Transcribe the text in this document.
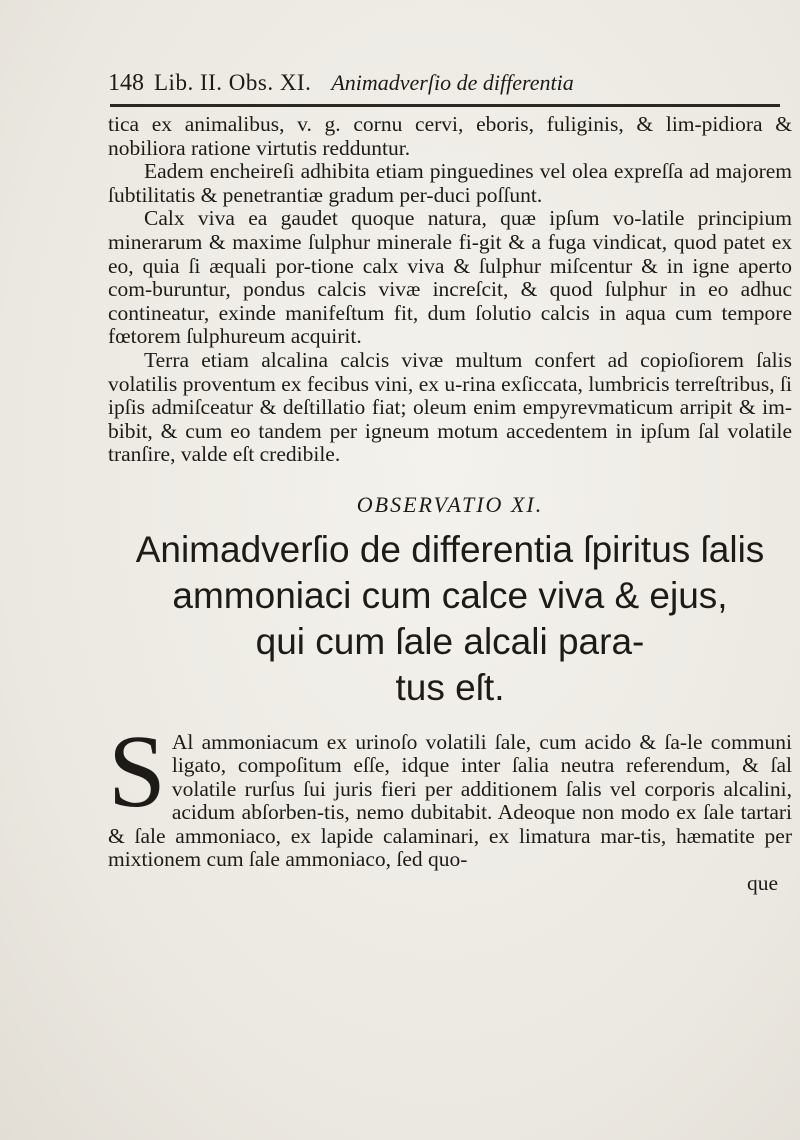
148 Lib. II. Obs. XI. Animadverſio de differentia

tica ex animalibus, v. g. cornu cervi, eboris, fuliginis, & lim-pidiora & nobiliora ratione virtutis redduntur.

Eadem encheireſi adhibita etiam pinguedines vel olea expreſſa ad majorem ſubtilitatis & penetrantiæ gradum per-duci poſſunt.

Calx viva ea gaudet quoque natura, quæ ipſum vo-latile principium minerarum & maxime ſulphur minerale fi-git & a fuga vindicat, quod patet ex eo, quia ſi æquali por-tione calx viva & ſulphur miſcentur & in igne aperto com-buruntur, pondus calcis vivæ increſcit, & quod ſulphur in eo adhuc contineatur, exinde manifeſtum fit, dum ſolutio calcis in aqua cum tempore fœtorem ſulphureum acquirit.

Terra etiam alcalina calcis vivæ multum confert ad copioſiorem ſalis volatilis proventum ex fecibus vini, ex u-rina exſiccata, lumbricis terreſtribus, ſi ipſis admiſceatur & deſtillatio fiat; oleum enim empyrevmaticum arripit & im-bibit, & cum eo tandem per igneum motum accedentem in ipſum ſal volatile tranſire, valde eſt credibile.

OBSERVATIO XI.
Animadverſio de differentia ſpiritus ſalis
ammoniaci cum calce viva & ejus,
qui cum ſale alcali para-
tus eſt.

S Al ammoniacum ex urinoſo volatili ſale, cum acido & ſa-le communi ligato, compoſitum eſſe, idque inter ſalia neutra referendum, & ſal volatile rurſus ſui juris fieri per additionem ſalis vel corporis alcalini, acidum abſorben-tis, nemo dubitabit. Adeoque non modo ex ſale tartari & ſale ammoniaco, ex lapide calaminari, ex limatura mar-tis, hæmatite per mixtionem cum ſale ammoniaco, ſed quo-

que
